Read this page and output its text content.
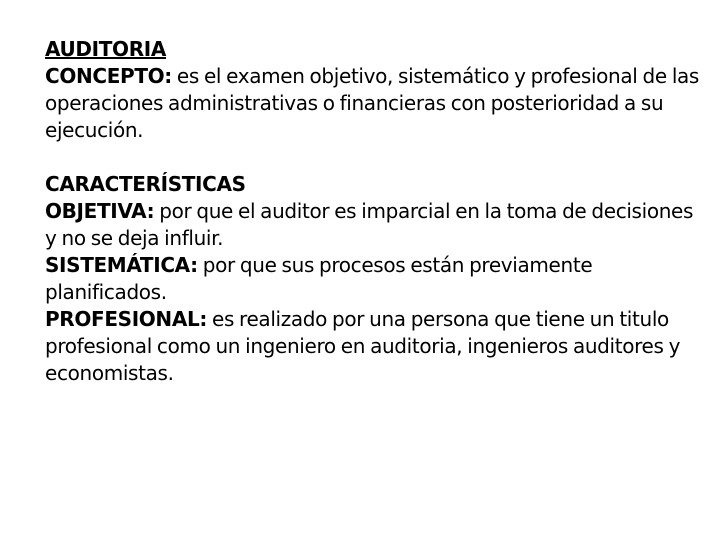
AUDITORIA

CONCEPTO: es el examen objetivo, sistemático y profesional de las operaciones administrativas o financieras con posterioridad a su ejecución.

CARACTERÍSTICAS

OBJETIVA: por que el auditor es imparcial en la toma de decisiones y no se deja influir.

SISTEMÁTICA: por que sus procesos están previamente planificados.

PROFESIONAL: es realizado por una persona que tiene un titulo profesional como un ingeniero en auditoria, ingenieros auditores y economistas.
